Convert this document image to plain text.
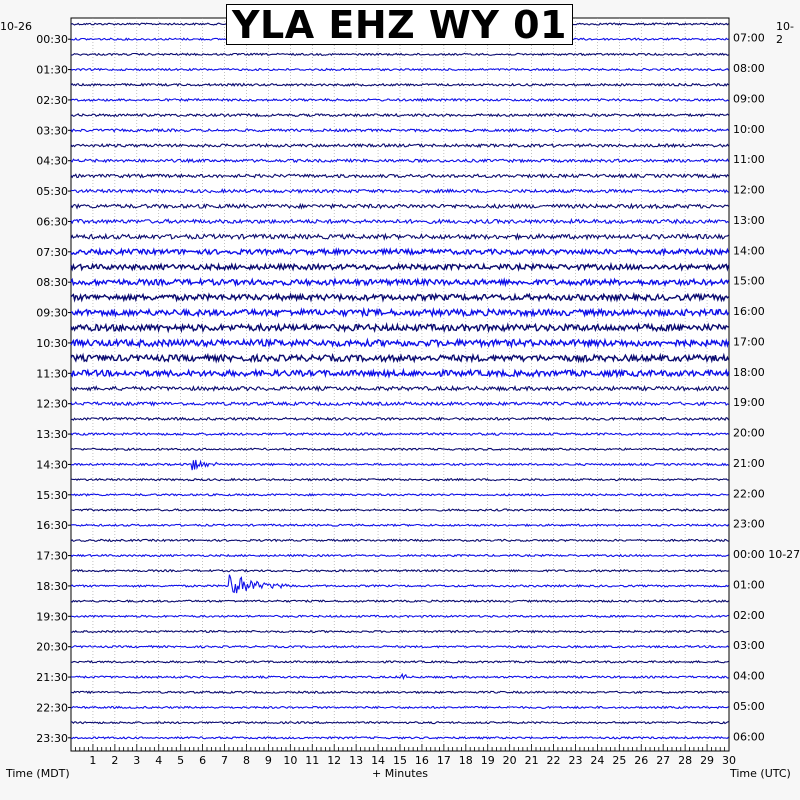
00:30
01:30
02:30
03:30
04:30
05:30
06:30
07:30
08:30
09:30
10:30
11:30
12:30
13:30
14:30
15:30
16:30
17:30
18:30
19:30
20:30
21:30
22:30
23:30
07:00
08:00
09:00
10:00
11:00
12:00
13:00
14:00
15:00
16:00
17:00
18:00
19:00
20:00
21:00
22:00
23:00
00:00 10-27
01:00
02:00
03:00
04:00
05:00
06:00
1 2 3 4 5 6 7 8 9 10 11 12 13 14 15 16 17 18 19 20 21 22 23 24 25 26 27 28 29 30
Time (MDT)	+ Minutes	Time (UTC)
10-26	10-2
YLA EHZ WY 01
